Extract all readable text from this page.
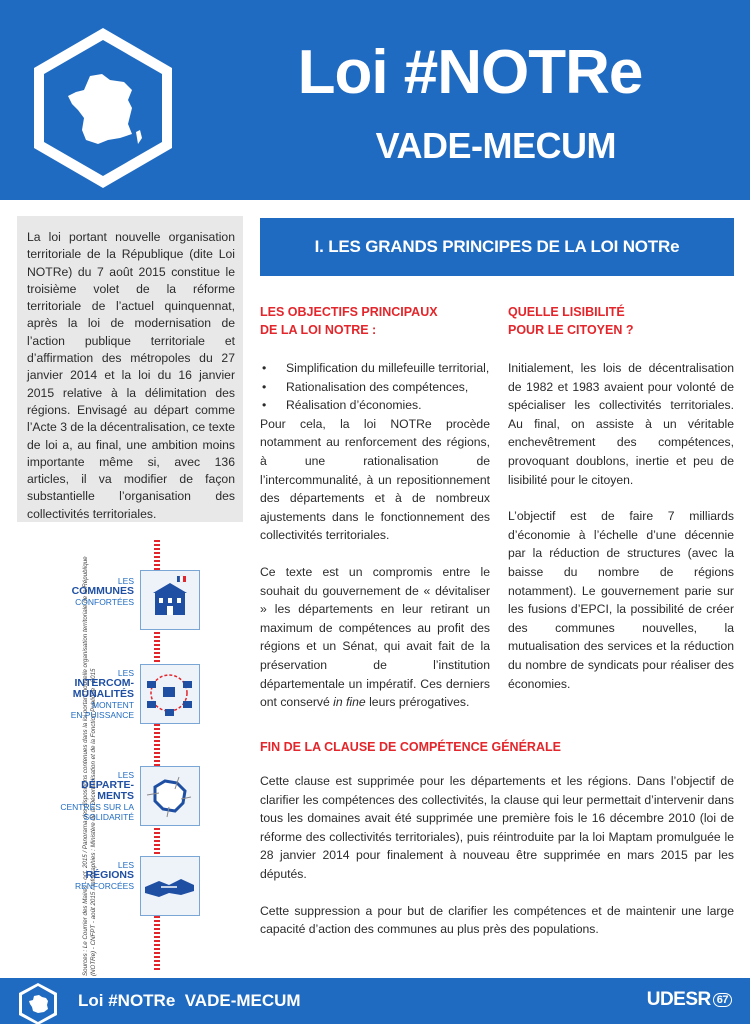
Loi #NOTRe
VADE-MECUM
La loi portant nouvelle organisation territoriale de la République (dite Loi NOTRe) du 7 août 2015 constitue le troisième volet de la réforme territoriale de l’actuel quinquennat, après la loi de modernisation de l’action publique territoriale et d’affirmation des métropoles du 27 janvier 2014 et la loi du 16 janvier 2015 relative à la délimitation des régions. Envisagé au départ comme l’Acte 3 de la décentralisation, ce texte de loi a, au final, une ambition moins importante même si, avec 136 articles, il va modifier de façon substantielle l’organisation des collectivités territoriales.
I. LES GRANDS PRINCIPES DE LA LOI NOTRe
LES OBJECTIFS PRINCIPAUX
DE LA LOI NOTRE :
• Simplification du millefeuille territorial,
• Rationalisation des compétences,
• Réalisation d’économies.
Pour cela, la loi NOTRe procède notamment au renforcement des régions, à une rationalisation de l’intercommunalité, à un repositionnement des départements et à de nombreux ajustements dans le fonctionnement des collectivités territoriales.
Ce texte est un compromis entre le souhait du gouvernement de « dévitaliser » les départements en leur retirant un maximum de compétences au profit des régions et un Sénat, qui avait fait de la préservation de l’institution départementale un impératif. Ces derniers ont conservé in fine leurs prérogatives.
QUELLE LISIBILITÉ
POUR LE CITOYEN ?
Initialement, les lois de décentralisation de 1982 et 1983 avaient pour volonté de spécialiser les collectivités territoriales. Au final, on assiste à un véritable enchevêtrement des compétences, provoquant doublons, inertie et peu de lisibilité pour le citoyen.
L’objectif est de faire 7 milliards d’économie à l’échelle d’une décennie par la réduction de structures (avec la baisse du nombre de régions notamment). Le gouvernement parie sur les fusions d’EPCI, la possibilité de créer des communes nouvelles, la mutualisation des services et la réduction du nombre de syndicats pour réaliser des économies.
FIN DE LA CLAUSE DE COMPÉTENCE GÉNÉRALE
Cette clause est supprimée pour les départements et les régions. Dans l’objectif de clarifier les compétences des collectivités, la clause qui leur permettait d’intervenir dans tous les domaines avait été supprimée une première fois le 16 décembre 2010 (loi de réforme des collectivités territoriales), puis réintroduite par la loi Maptam promulguée le 28 janvier 2014 pour finalement à nouveau être supprimée en mars 2015 par les députés.
Cette suppression a pour but de clarifier les compétences et de maintenir une large capacité d’action des communes au plus près des populations.
Sources : Le Courrier des Maires - oct. 2015 / Panorama des dispositions contenues dans la loi portant nouvelle organisation territoriale de la République (NOTRe) - CNFPT - août 2015 / Infographies : Ministère de la Décentralisation et de la Fonction Publique - 2015
LES
COMMUNES
CONFORTÉES
LES
INTERCOM-
MUNALITÉS
MONTENT
EN PUISSANCE
LES
DÉPARTE-
MENTS
CENTRÉS SUR LA
SOLIDARITÉ
LES
RÉGIONS
RENFORCÉES
Loi #NOTRe  VADE-MECUM	UDESR 67
